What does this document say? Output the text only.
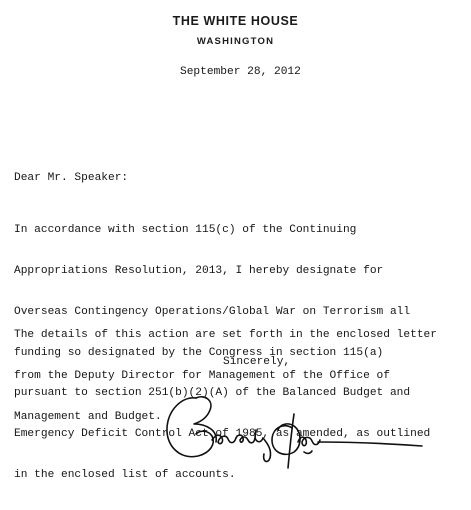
THE WHITE HOUSE
WASHINGTON
September 28, 2012
Dear Mr. Speaker:

In accordance with section 115(c) of the Continuing

Appropriations Resolution, 2013, I hereby designate for

Overseas Contingency Operations/Global War on Terrorism all

funding so designated by the Congress in section 115(a)

pursuant to section 251(b)(2)(A) of the Balanced Budget and

Emergency Deficit Control Act of 1985, as amended, as outlined

in the enclosed list of accounts.

The details of this action are set forth in the enclosed letter

from the Deputy Director for Management of the Office of

Management and Budget.

Sincerely,
